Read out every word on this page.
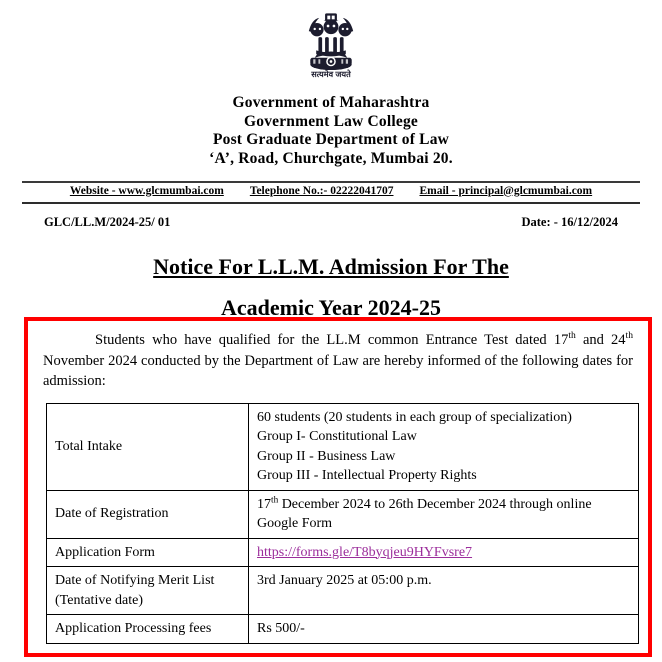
सत्यमेव जयते
Government of Maharashtra
Government Law College
Post Graduate Department of Law
‘A’, Road, Churchgate, Mumbai 20.
Website - www.glcmumbai.com Telephone No.:- 02222041707 Email - principal@glcmumbai.com
GLC/LL.M/2024-25/ 01	Date: - 16/12/2024
Notice For L.L.M. Admission For The
Academic Year 2024-25

Students who have qualified for the LL.M common Entrance Test dated 17th and 24th November 2024 conducted by the Department of Law are hereby informed of the following dates for admission:

Total Intake	60 students (20 students in each group of specialization)
Group I- Constitutional Law
Group II - Business Law
Group III - Intellectual Property Rights

Date of Registration	17th December 2024 to 26th December 2024 through online Google Form
Application Form	https://forms.gle/T8byqjeu9HYFvsre7

Date of Notifying Merit List
(Tentative date)	3rd January 2025 at 05:00 p.m.
Application Processing fees	Rs 500/-
